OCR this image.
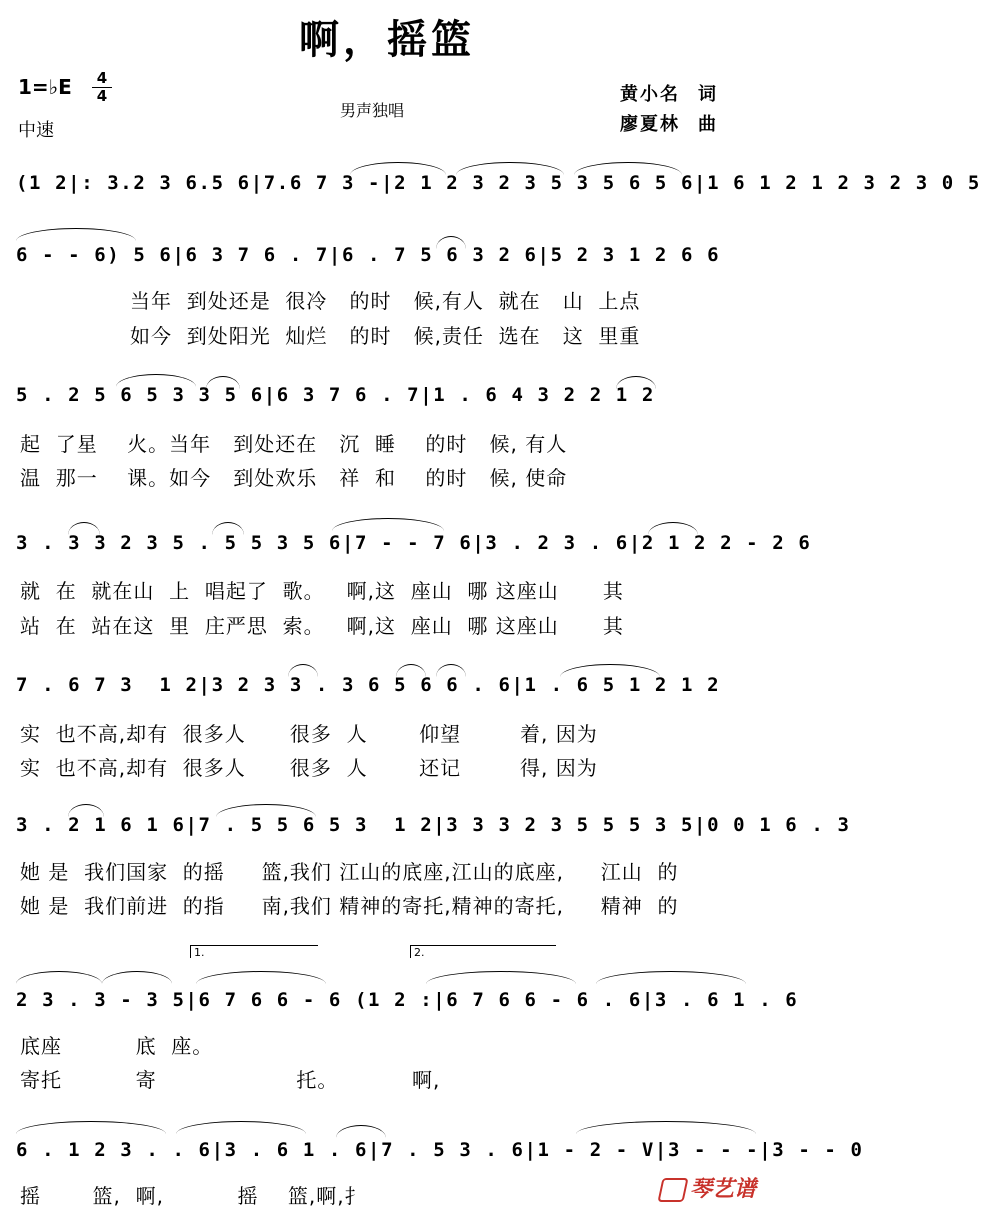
啊，摇篮
1=♭E $\frac{4}{4}$
中速
男声独唱
黄小名 词
廖夏林 曲
(1 2|: 3.2 3 6.5 6|7.6 7 3 -|2 1 2 3 2 3 5 3 5 6 5 6|1 6 1 2 1 2 3 2 3 0 5
6 - - 6) 5 6|6 3 7 6 . 7|6 . 7 5 6 3 2 6|5 2 3 1 2 6 6
当年  到处还是  很冷   的时   候,有人  就在   山  上点
如今  到处阳光  灿烂   的时   候,责任  选在   这  里重
5 . 2 5 6 5 3 3 5 6|6 3 7 6 . 7|1 . 6 4 3 2 2 1 2
起  了星    火。当年   到处还在   沉  睡    的时   候, 有人
温  那一    课。如今   到处欢乐   祥  和    的时   候, 使命
3 . 3 3 2 3 5 . 5 5 3 5 6|7 - - 7 6|3 . 2 3 . 6|2 1 2 2 - 2 6
就  在  就在山  上  唱起了  歌。   啊,这  座山  哪 这座山      其
站  在  站在这  里  庄严思  索。   啊,这  座山  哪 这座山      其
7 . 6 7 3  1 2|3 2 3 3 . 3 6 5 6 6 . 6|1 . 6 5 1 2 1 2
实  也不高,却有  很多人      很多  人       仰望        着, 因为
实  也不高,却有  很多人      很多  人       还记        得, 因为
3 . 2 1 6 1 6|7 . 5 5 6 5 3  1 2|3 3 3 2 3 5 5 5 3 5|0 0 1 6 . 3
她 是  我们国家  的摇     篮,我们 江山的底座,江山的底座,     江山  的
她 是  我们前进  的指     南,我们 精神的寄托,精神的寄托,     精神  的
1.	2.
2 3 . 3 - 3 5|6 7 6 6 - 6 (1 2 :|6 7 6 6 - 6 . 6|3 . 6 1 . 6
底座          底  座。
寄托          寄                   托。          啊,
6 . 1 2 3 . . 6|3 . 6 1 . 6|7 . 5 3 . 6|1 - 2 - V|3 - - -|3 - - 0
摇       篮,  啊,          摇    篮,啊,扌	琴艺谱
